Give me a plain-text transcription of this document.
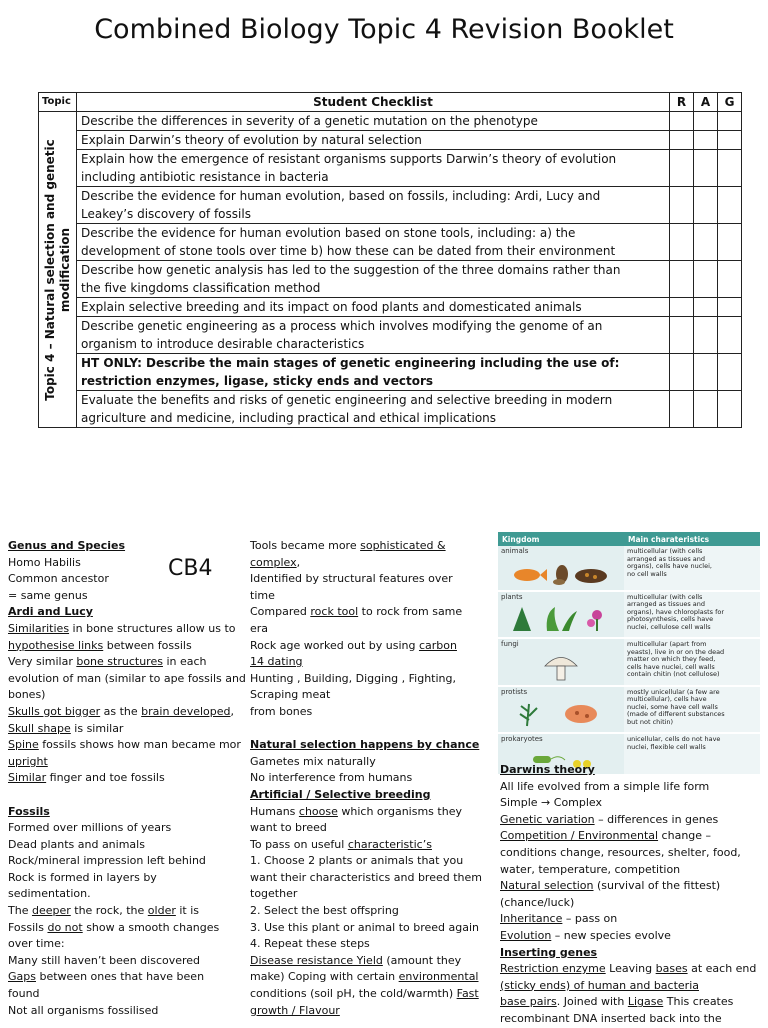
Combined Biology Topic 4 Revision Booklet
Topic	Student Checklist	R	A	G

Topic 4 – Natural selection and genetic modification	Describe the differences in severity of a genetic mutation on the phenotype			

	Explain Darwin’s theory of evolution by natural selection			

	Explain how the emergence of resistant organisms supports Darwin’s theory of evolution
including antibiotic resistance in bacteria			

	Describe the evidence for human evolution, based on fossils, including: Ardi, Lucy and
Leakey’s discovery of fossils			

	Describe the evidence for human evolution based on stone tools, including: a) the
development of stone tools over time b) how these can be dated from their environment			

	Describe how genetic analysis has led to the suggestion of the three domains rather than
the five kingdoms classification method			

	Explain selective breeding and its impact on food plants and domesticated animals			

	Describe genetic engineering as a process which involves modifying the genome of an
organism to introduce desirable characteristics			

	HT ONLY: Describe the main stages of genetic engineering including the use of:
restriction enzymes, ligase, sticky ends and vectors			

	Evaluate the benefits and risks of genetic engineering and selective breeding in modern
agriculture and medicine, including practical and ethical implications			

CB4
Genus and Species
Homo Habilis
Common ancestor
= same genus
Ardi and Lucy
Similarities in bone structures allow us to
hypothesise links between fossils
Very similar bone structures in each
evolution of man (similar to ape fossils and
bones)
Skulls got bigger as the brain developed,
Skull shape is similar
Spine fossils shows how man became mor
upright
Similar finger and toe fossils

Fossils
Formed over millions of years
Dead plants and animals
Rock/mineral impression left behind
Rock is formed in layers by
sedimentation.
The deeper the rock, the older it is
Fossils do not show a smooth changes
over time:
Many still haven’t been discovered
Gaps between ones that have been
found
Not all organisms fossilised
Tools became more sophisticated &
complex,
Identified by structural features over
time
Compared rock tool to rock from same
era
Rock age worked out by using carbon
14 dating
Hunting , Building, Digging , Fighting,
Scraping meat
from bones

Natural selection happens by chance
Gametes mix naturally
No interference from humans
Artificial / Selective breeding
Humans choose which organisms they
want to breed
To pass on useful characteristic’s
1. Choose 2 plants or animals that you
want their characteristics and breed them
together
2. Select the best offspring
3. Use this plant or animal to breed again
4. Repeat these steps
Disease resistance Yield (amount they
make) Coping with certain environmental
conditions (soil pH, the cold/warmth) Fast
growth / Flavour
Kingdom	Main charateristics

animals	multicellular (with cells
arranged as tissues and
organs), cells have nuclei,
no cell walls

plants	multicellular (with cells
arranged as tissues and
organs), have chloroplasts for
photosynthesis, cells have
nuclei, cellulose cell walls

fungi	multicellular (apart from
yeasts), live in or on the dead
matter on which they feed,
cells have nuclei, cell walls
contain chitin (not cellulose)

protists	mostly unicellular (a few are
multicellular), cells have
nuclei, some have cell walls
(made of different substances
but not chitin)

prokaryotes	unicellular, cells do not have
nuclei, flexible cell walls
Darwins theory
All life evolved from a simple life form
Simple → Complex
Genetic variation – differences in genes
Competition / Environmental change –
conditions change, resources, shelter, food,
water, temperature, competition
Natural selection (survival of the fittest)
(chance/luck)
Inheritance – pass on
Evolution – new species evolve
Inserting genes
Restriction enzyme Leaving bases at each end
(sticky ends) of human and bacteria
base pairs. Joined with Ligase This creates
recombinant DNA inserted back into the
